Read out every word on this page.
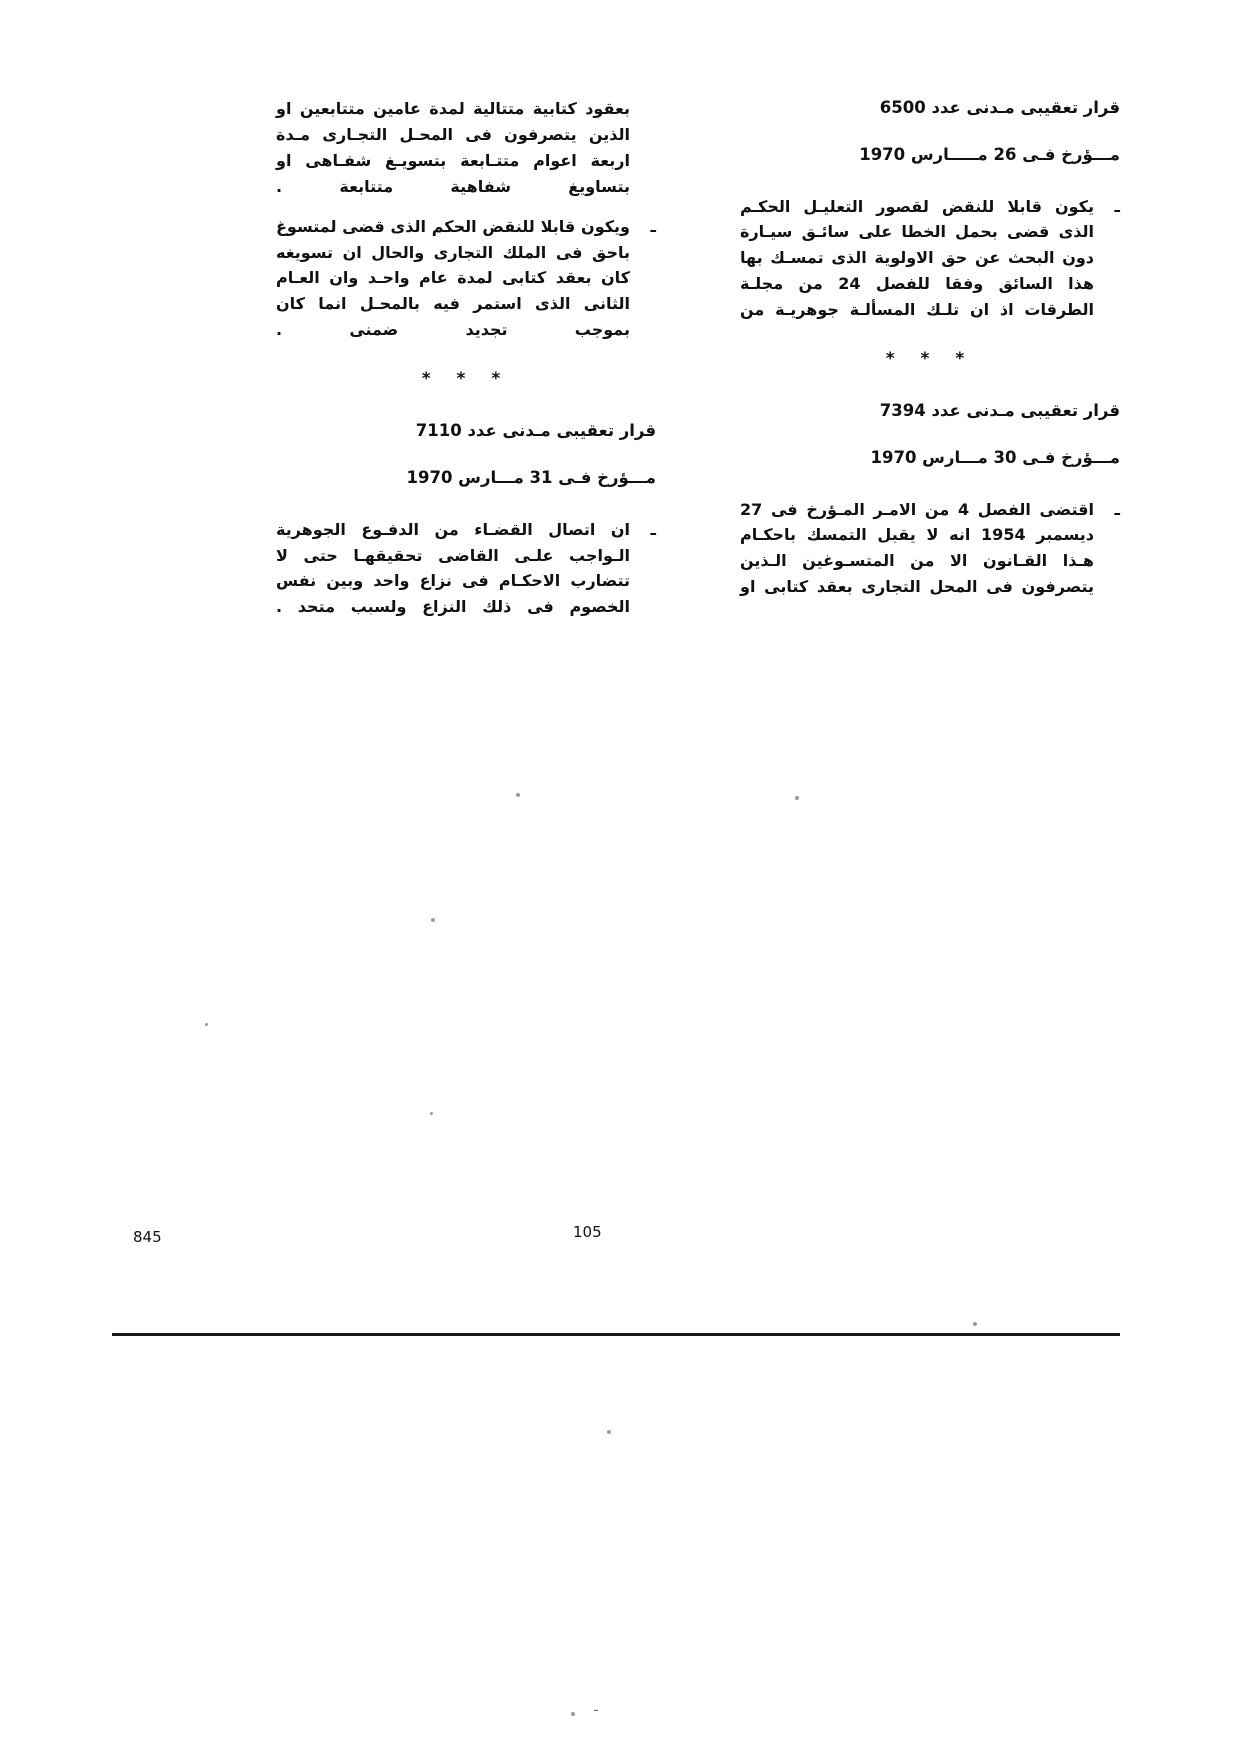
قرار تعقيبى مـدنى عدد 6500
مـــؤرخ فـى 26 مـــــارس 1970
ـ
يكون قابلا للنقض لقصور التعليـل الحكـم الذى قضى بحمل الخطا على سائـق سيـارة دون البحث عن حق الاولوية الذى تمسـك بها هذا السائق وفقا للفصل 24 من مجلـة الطرقات اذ ان تلـك المسألـة جوهريـة من
* * *
قرار تعقيبى مـدنى عدد 7394
مـــؤرخ فـى 30 مـــارس 1970
ـ
اقتضى الفصل 4 من الامـر المـؤرخ فى 27 ديسمبر 1954 انه لا يقبل التمسك باحكـام هـذا القـانون الا من المتسـوغين الـذين يتصرفون فى المحل التجارى بعقد كتابى او
بعقود كتابية متتالية لمدة عامين متتابعين او الذين يتصرفون فى المحـل التجـارى مـدة اربعة اعوام متتـابعة بتسويـغ شفـاهى او بتساويغ شفاهية متتابعة .
ـ
ويكون قابلا للنقض الحكم الذى قضى لمتسوغ باحق فى الملك التجارى والحال ان تسويغه كان بعقد كتابى لمدة عام واحـد وان العـام الثانى الذى استمر فيه بالمحـل انما كان بموجب تجديد ضمنى .
* * *
قرار تعقيبى مـدنى عدد 7110
مـــؤرخ فـى 31 مـــارس 1970
ـ
ان اتصال القضـاء من الدفـوع الجوهرية الـواجب علـى القاضى تحقيقهـا حتى لا تتضارب الاحكـام فى نزاع واحد وبين نفس الخصوم فى ذلك النزاع ولسبب متحد .
845	105
ـ
